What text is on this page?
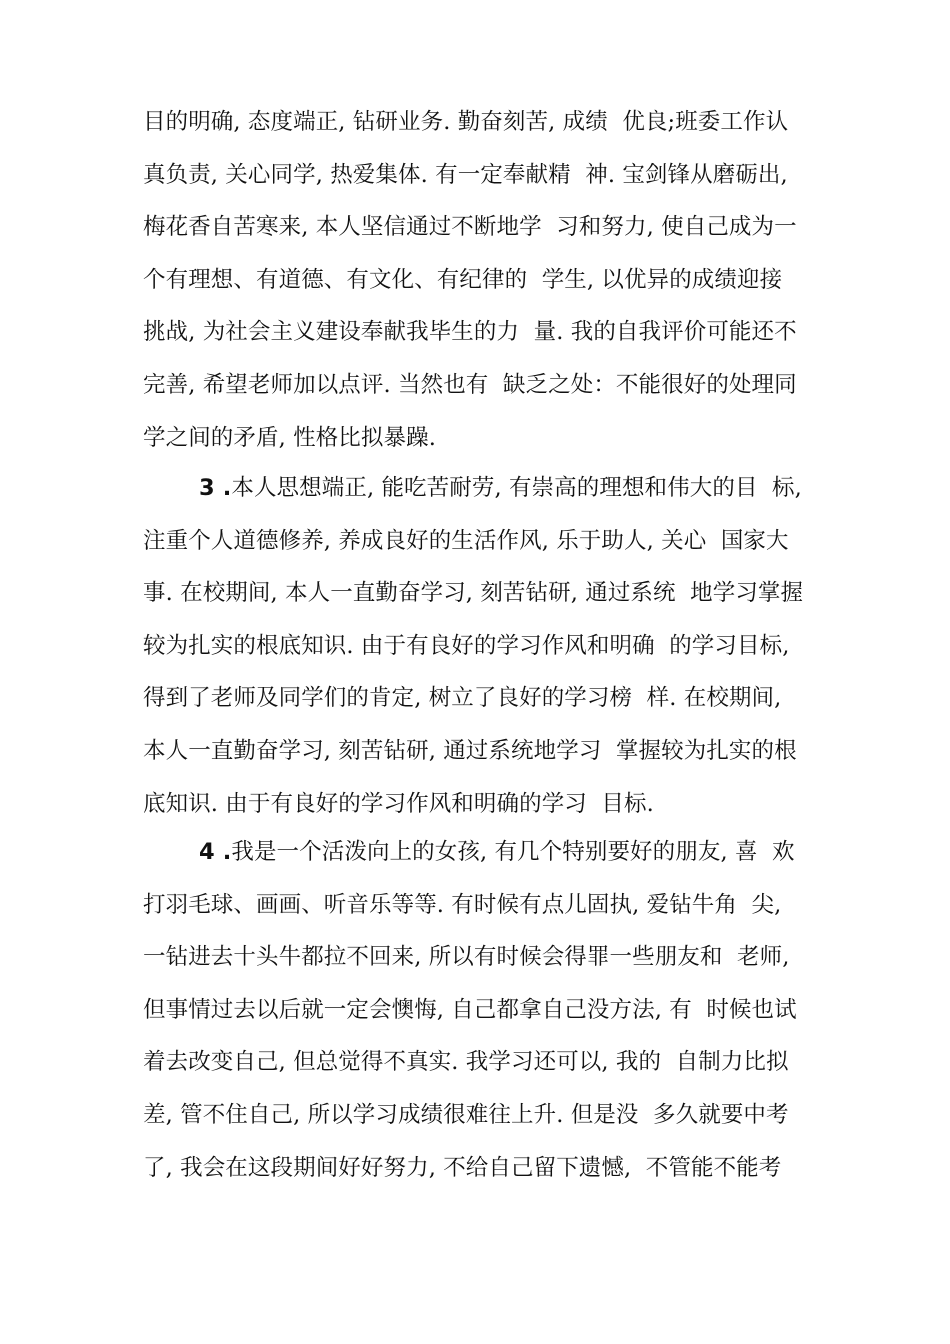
目的明确, 态度端正, 钻研业务. 勤奋刻苦, 成绩  优良;班委工作认
真负责, 关心同学, 热爱集体. 有一定奉献精  神. 宝剑锋从磨砺出,
梅花香自苦寒来, 本人坚信通过不断地学  习和努力, 使自己成为一
个有理想、有道德、有文化、有纪律的  学生, 以优异的成绩迎接
挑战, 为社会主义建设奉献我毕生的力  量. 我的自我评价可能还不
完善, 希望老师加以点评. 当然也有  缺乏之处：不能很好的处理同
学之间的矛盾, 性格比拟暴躁.
3 .本人思想端正, 能吃苦耐劳, 有崇高的理想和伟大的目  标,
注重个人道德修养, 养成良好的生活作风, 乐于助人, 关心  国家大
事. 在校期间, 本人一直勤奋学习, 刻苦钻研, 通过系统  地学习掌握
较为扎实的根底知识. 由于有良好的学习作风和明确  的学习目标,
得到了老师及同学们的肯定, 树立了良好的学习榜  样. 在校期间,
本人一直勤奋学习, 刻苦钻研, 通过系统地学习  掌握较为扎实的根
底知识. 由于有良好的学习作风和明确的学习  目标.
4 .我是一个活泼向上的女孩, 有几个特别要好的朋友, 喜  欢
打羽毛球、画画、听音乐等等. 有时候有点儿固执, 爱钻牛角  尖,
一钻进去十头牛都拉不回来, 所以有时候会得罪一些朋友和  老师,
但事情过去以后就一定会懊悔, 自己都拿自己没方法, 有  时候也试
着去改变自己, 但总觉得不真实. 我学习还可以, 我的  自制力比拟
差, 管不住自己, 所以学习成绩很难往上升. 但是没  多久就要中考
了, 我会在这段期间好好努力, 不给自己留下遗憾,  不管能不能考
